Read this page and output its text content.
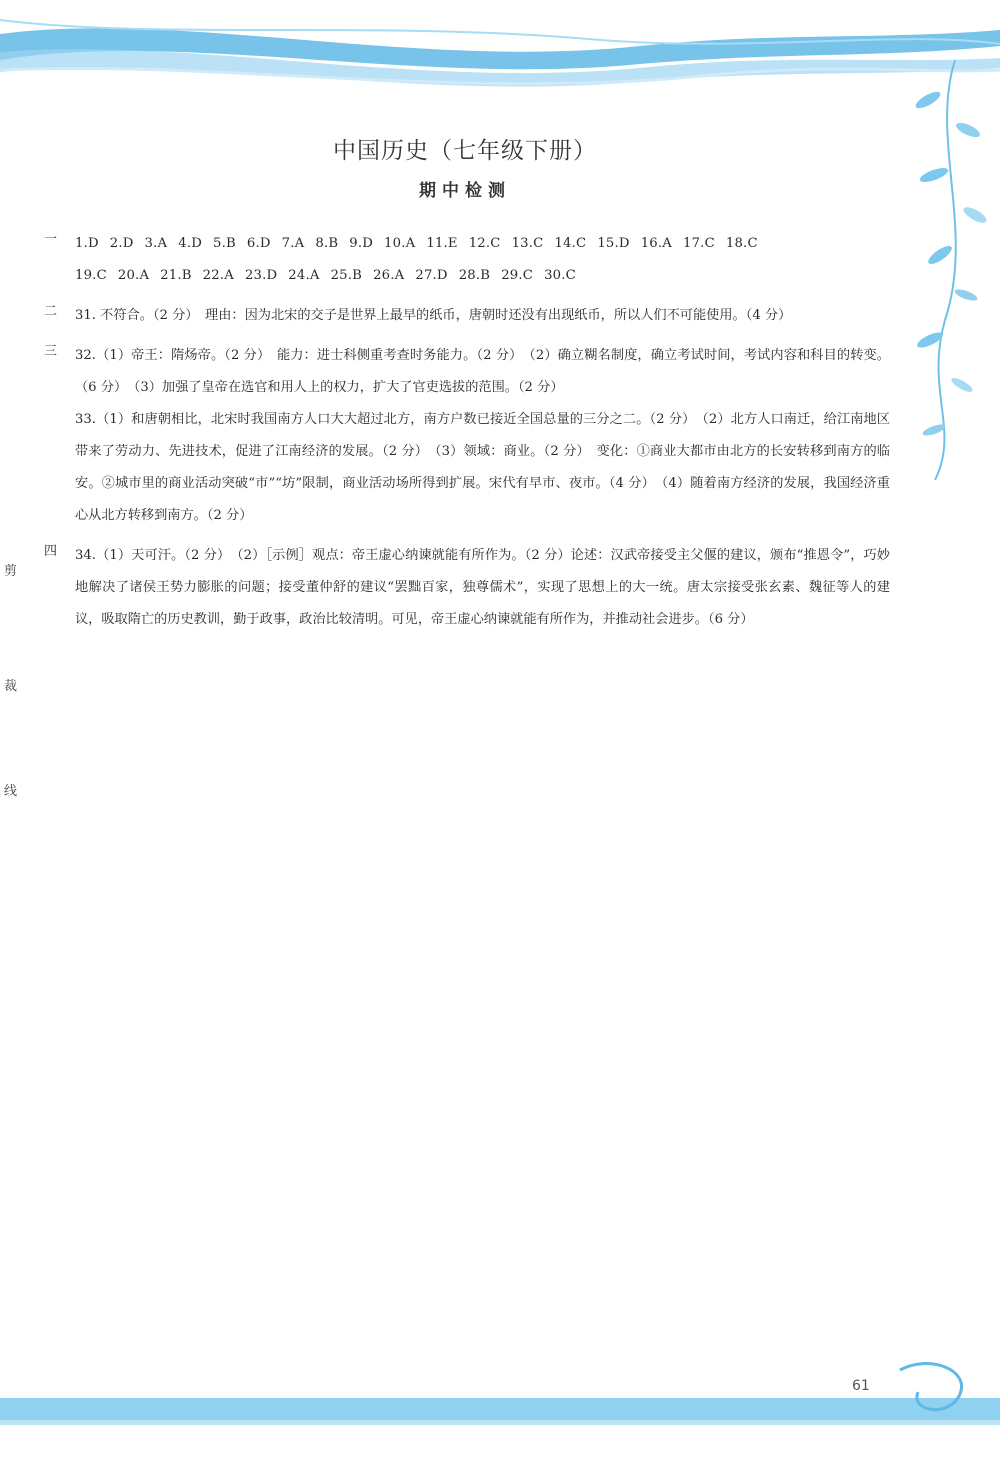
中国历史（七年级下册）
期中检测
一 1.D 2.D 3.A 4.D 5.B 6.D 7.A 8.B 9.D 10.A 11.E 12.C 13.C 14.C 15.D 16.A 17.C 18.C
19.C 20.A 21.B 22.A 23.D 24.A 25.B 26.A 27.D 28.B 29.C 30.C
二 31. 不符合。（2 分）　理由：因为北宋的交子是世界上最早的纸币，唐朝时还没有出现纸币，所以人们不可能使用。（4 分）
三 32.（1）帝王：隋炀帝。（2 分）　能力：进士科侧重考查时务能力。（2 分）　（2）确立糊名制度，确立考试时间，考试内容和科目的转变。（6 分）　（3）加强了皇帝在选官和用人上的权力，扩大了官吏选拔的范围。（2 分）
33.（1）和唐朝相比，北宋时我国南方人口大大超过北方，南方户数已接近全国总量的三分之二。（2 分）　（2）北方人口南迁，给江南地区带来了劳动力、先进技术，促进了江南经济的发展。（2 分）　（3）领域：商业。（2 分）　变化：①商业大都市由北方的长安转移到南方的临安。②城市里的商业活动突破“市”“坊”限制，商业活动场所得到扩展。宋代有早市、夜市。（4 分）　（4）随着南方经济的发展，我国经济重心从北方转移到南方。（2 分）
四 34.（1）天可汗。（2 分）　（2）［示例］观点：帝王虚心纳谏就能有所作为。（2 分）论述：汉武帝接受主父偃的建议，颁布“推恩令”，巧妙地解决了诸侯王势力膨胀的问题；接受董仲舒的建议“罢黜百家，独尊儒术”，实现了思想上的大一统。唐太宗接受张玄素、魏征等人的建议，吸取隋亡的历史教训，勤于政事，政治比较清明。可见，帝王虚心纳谏就能有所作为，并推动社会进步。（6 分）
剪
裁
线
61
